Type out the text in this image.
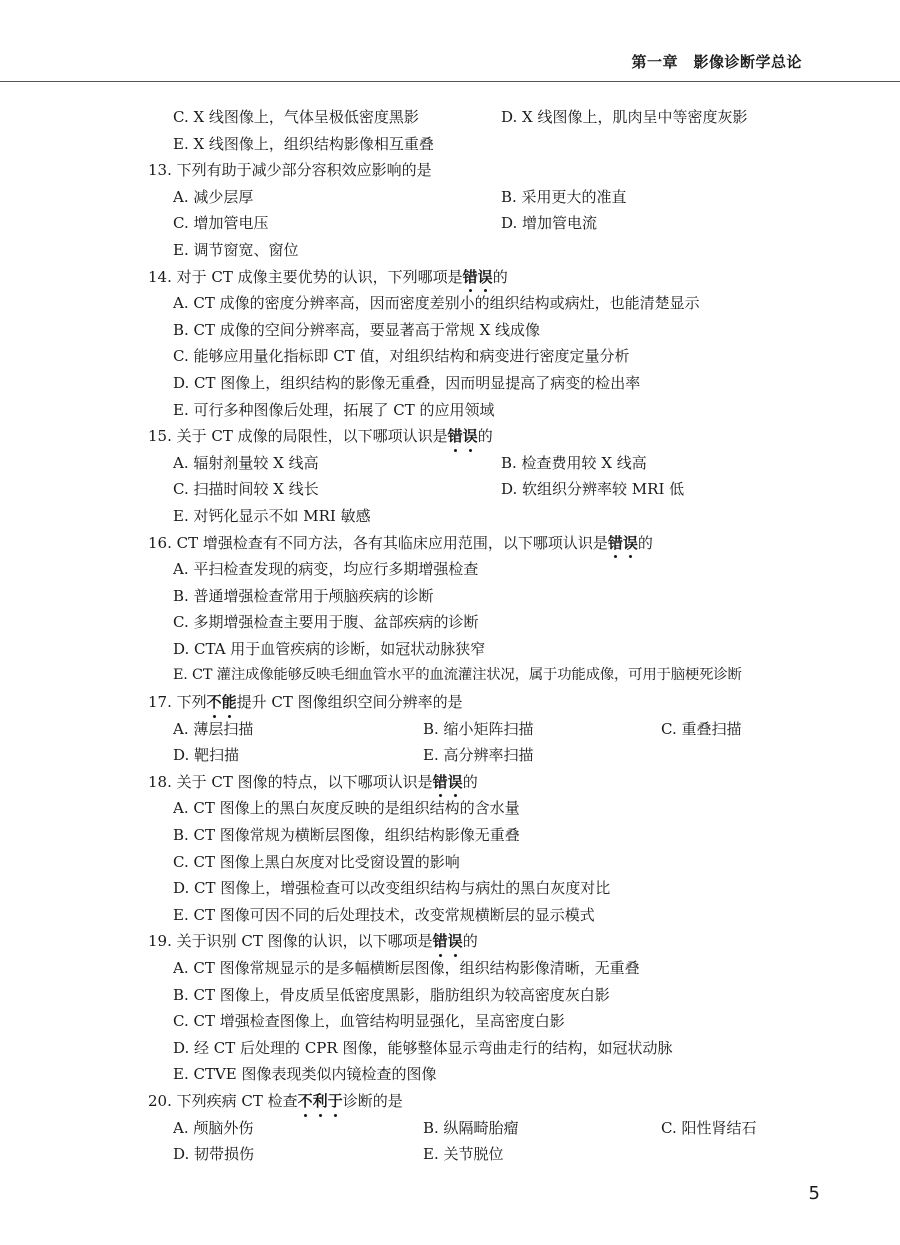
第一章　影像诊断学总论
C. X 线图像上，气体呈极低密度黑影	D. X 线图像上，肌肉呈中等密度灰影
E. X 线图像上，组织结构影像相互重叠
13. 下列有助于减少部分容积效应影响的是
A. 减少层厚	B. 采用更大的准直
C. 增加管电压	D. 增加管电流
E. 调节窗宽、窗位
14. 对于 CT 成像主要优势的认识，下列哪项是错误的
A. CT 成像的密度分辨率高，因而密度差别小的组织结构或病灶，也能清楚显示
B. CT 成像的空间分辨率高，要显著高于常规 X 线成像
C. 能够应用量化指标即 CT 值，对组织结构和病变进行密度定量分析
D. CT 图像上，组织结构的影像无重叠，因而明显提高了病变的检出率
E. 可行多种图像后处理，拓展了 CT 的应用领域
15. 关于 CT 成像的局限性，以下哪项认识是错误的
A. 辐射剂量较 X 线高	B. 检查费用较 X 线高
C. 扫描时间较 X 线长	D. 软组织分辨率较 MRI 低
E. 对钙化显示不如 MRI 敏感
16. CT 增强检查有不同方法，各有其临床应用范围，以下哪项认识是错误的
A. 平扫检查发现的病变，均应行多期增强检查
B. 普通增强检查常用于颅脑疾病的诊断
C. 多期增强检查主要用于腹、盆部疾病的诊断
D. CTA 用于血管疾病的诊断，如冠状动脉狭窄
E. CT 灌注成像能够反映毛细血管水平的血流灌注状况，属于功能成像，可用于脑梗死诊断
17. 下列不能提升 CT 图像组织空间分辨率的是
A. 薄层扫描	B. 缩小矩阵扫描	C. 重叠扫描
D. 靶扫描	E. 高分辨率扫描
18. 关于 CT 图像的特点，以下哪项认识是错误的
A. CT 图像上的黑白灰度反映的是组织结构的含水量
B. CT 图像常规为横断层图像，组织结构影像无重叠
C. CT 图像上黑白灰度对比受窗设置的影响
D. CT 图像上，增强检查可以改变组织结构与病灶的黑白灰度对比
E. CT 图像可因不同的后处理技术，改变常规横断层的显示模式
19. 关于识别 CT 图像的认识，以下哪项是错误的
A. CT 图像常规显示的是多幅横断层图像，组织结构影像清晰，无重叠
B. CT 图像上，骨皮质呈低密度黑影，脂肪组织为较高密度灰白影
C. CT 增强检查图像上，血管结构明显强化，呈高密度白影
D. 经 CT 后处理的 CPR 图像，能够整体显示弯曲走行的结构，如冠状动脉
E. CTVE 图像表现类似内镜检查的图像
20. 下列疾病 CT 检查不利于诊断的是
A. 颅脑外伤	B. 纵隔畸胎瘤	C. 阳性肾结石
D. 韧带损伤	E. 关节脱位
5
